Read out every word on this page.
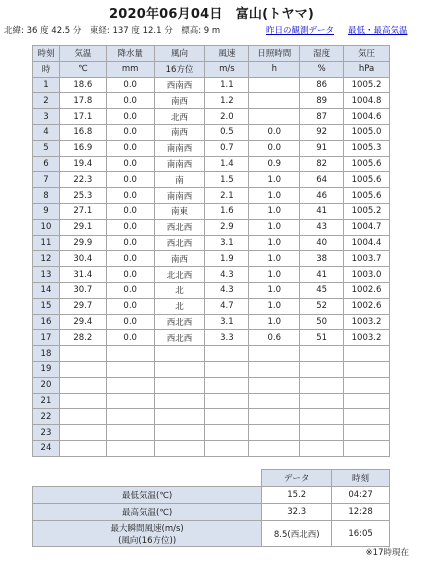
2020年06月04日　富山(トヤマ)
北緯: 36 度 42.5 分　東経: 137 度 12.1 分　標高: 9 m	昨日の観測データ 最低・最高気温
時刻	気温	降水量	風向	風速	日照時間	湿度	気圧
時	℃	mm	16方位	m/s	h	%	hPa
1	18.6	0.0	西南西	1.1		86	1005.2
2	17.8	0.0	南西	1.2		89	1004.8
3	17.1	0.0	北西	2.0		87	1004.6
4	16.8	0.0	南西	0.5	0.0	92	1005.0
5	16.9	0.0	南南西	0.7	0.0	91	1005.3
6	19.4	0.0	南南西	1.4	0.9	82	1005.6
7	22.3	0.0	南	1.5	1.0	64	1005.6
8	25.3	0.0	南南西	2.1	1.0	46	1005.6
9	27.1	0.0	南東	1.6	1.0	41	1005.2
10	29.1	0.0	西北西	2.9	1.0	43	1004.7
11	29.9	0.0	西北西	3.1	1.0	40	1004.4
12	30.4	0.0	南西	1.9	1.0	38	1003.7
13	31.4	0.0	北北西	4.3	1.0	41	1003.0
14	30.7	0.0	北	4.3	1.0	45	1002.6
15	29.7	0.0	北	4.7	1.0	52	1002.6
16	29.4	0.0	西北西	3.1	1.0	50	1003.2
17	28.2	0.0	西北西	3.3	0.6	51	1003.2
18							
19							
20							
21							
22							
23							
24							
	データ	時刻
最低気温(℃)	15.2	04:27
最高気温(℃)	32.3	12:28

最大瞬間風速(m/s)
(風向(16方位))	8.5(西北西)	16:05
※17時現在
